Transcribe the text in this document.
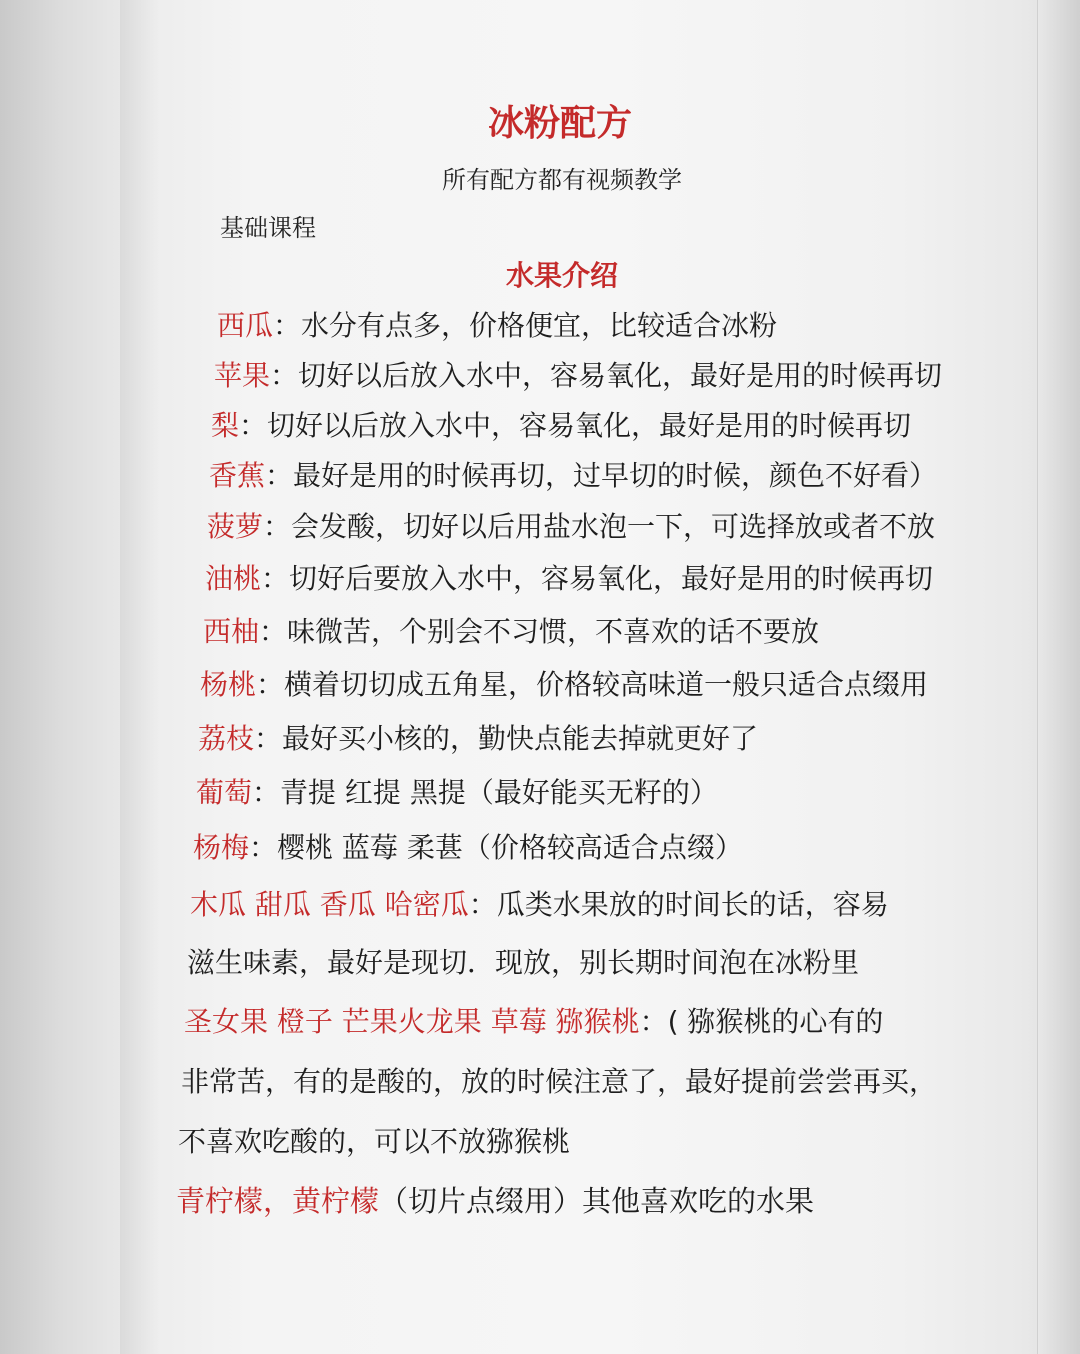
冰粉配方
所有配方都有视频教学
基础课程
水果介绍
西瓜：水分有点多，价格便宜，比较适合冰粉
苹果：切好以后放入水中，容易氧化，最好是用的时候再切
梨：切好以后放入水中，容易氧化，最好是用的时候再切
香蕉：最好是用的时候再切，过早切的时候，颜色不好看）
菠萝：会发酸，切好以后用盐水泡一下，可选择放或者不放
油桃：切好后要放入水中，容易氧化，最好是用的时候再切
西柚：味微苦，个别会不习惯，不喜欢的话不要放
杨桃：横着切切成五角星，价格较高味道一般只适合点缀用
荔枝：最好买小核的，勤快点能去掉就更好了
葡萄：青提 红提 黑提（最好能买无籽的）
杨梅：樱桃 蓝莓 柔葚（价格较高适合点缀）
木瓜 甜瓜 香瓜 哈密瓜：瓜类水果放的时间长的话，容易
滋生味素，最好是现切．现放，别长期时间泡在冰粉里
圣女果 橙子 芒果火龙果 草莓 猕猴桃：( 猕猴桃的心有的
非常苦，有的是酸的，放的时候注意了，最好提前尝尝再买，
不喜欢吃酸的，可以不放猕猴桃
青柠檬，黄柠檬（切片点缀用）其他喜欢吃的水果
